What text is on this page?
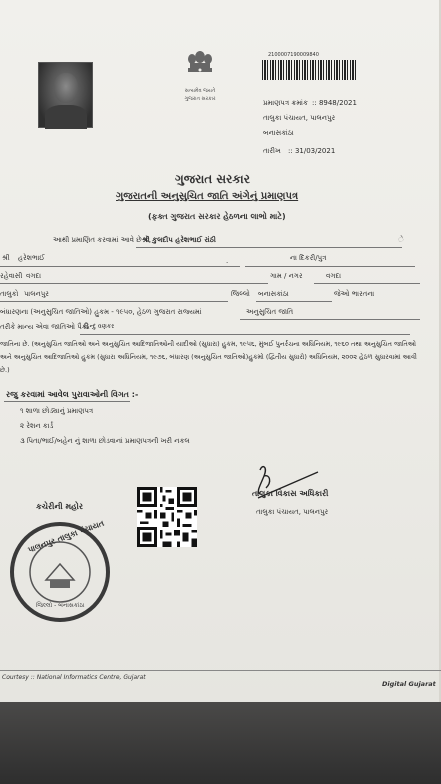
સત્યમેવ જયતે
ગુજરાત સરકાર
2100007190009840
પ્રમાણપત્ર ક્રમાંક :: 8948/2021
તાલુકા પંચાયત, પાલનપુર
બનાસકાંઠા
તારીખ :: 31/03/2021
ગુજરાત સરકાર
ગુજરાતની અનુસુચિત જાતિ અંગેનું પ્રમાણપત્ર
(ફક્ત ગુજરાત સરકાર હેઠળના લાભો માટે)
આથી પ્રમાણિત કરવામાં આવે છે કે,
શ્રી કુલદીપ હરેશભાઈ રાંઠી	ે
શ્રી હરેશભાઈ	.	ના દિકરી/પુત્ર
રહેવાસી વગદા	ગામ / નગર	વગદા
તાલુકો પાલનપુર	જિલ્લો બનાસકાંઠા	જેઓ ભારતના
બંધારણના (અનુસુચિત જાતિઓ) હુકમ - ૧૯૫૦, હેઠળ ગુજરાત રાજ્યમાં	અનુસુચિત જાતિ
તરીકે માન્ય એવા જાતિઓ પૈકી
હિન્દુ વણકર
જાતિના છે. (અનુસુચિત જાતિઓ અને અનુસુચિત આદિજાતિઓની યાદીઓ (સુધારા) હુકમ, ૧૯૫૬, મુંબઈ પુનર્રચના અધિનિયમ, ૧૯૬૦ તથા અનુસુચિત જાતિઓ અને અનુસુચિત આદિજાતિઓ હુકમ (સુધારા અધિનિયમ, ૧૯૭૬, બંધારણ (અનુસુચિત જાતિઓ)હુકમો (દ્વિતીય સુધારો) અધિનિયમ, ૨૦૦૨ હેઠળ સુધારવામાં આવી છે.)
રજુ કરવામાં આવેલ પુરાવાઓની વિગત :-
૧ શાળા છોડ્યાનું પ્રમાણપત્ર
૨ રેશન કાર્ડ
૩ પિતા/ભાઈ/બહેન નું શાળા છોડવાનાં પ્રમાણપત્રની ખરી નકલ
કચેરીની મહોર
તાલુકા વિકાસ અધિકારી
તાલુકા પંચાયત, પાલનપુર
પાલનપુર તાલુકા પંચાયત
જિલ્લો - બનાસકાંઠા
Courtesy :: National Informatics Centre, Gujarat
Digital Gujarat
